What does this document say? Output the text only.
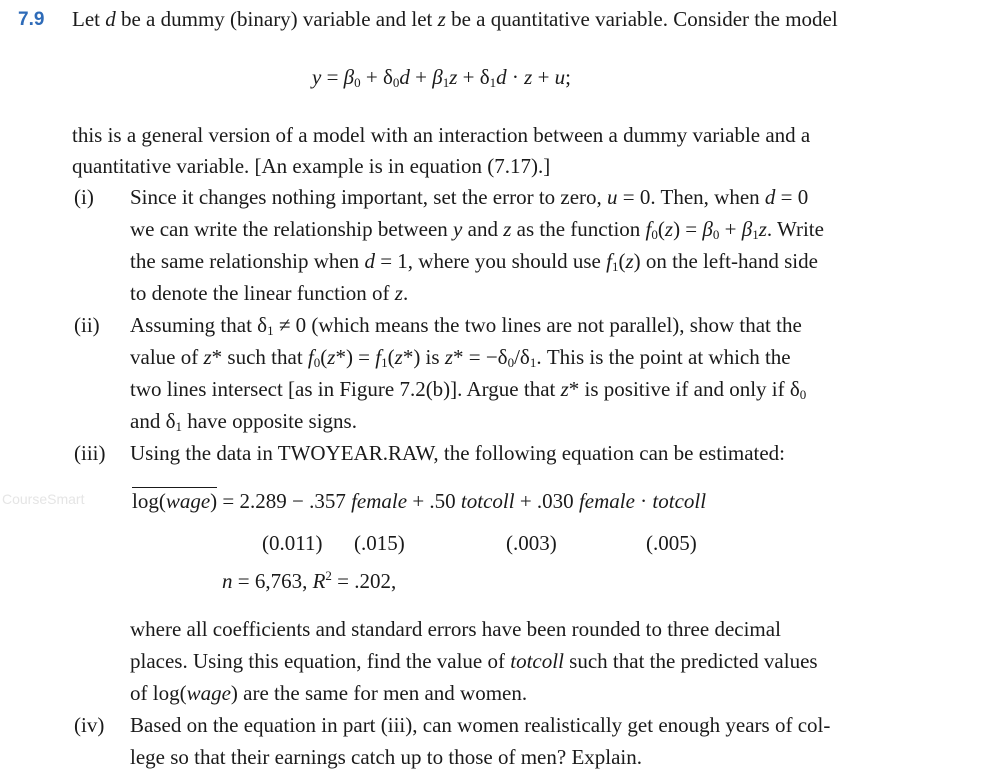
7.9 Let d be a dummy (binary) variable and let z be a quantitative variable. Consider the model
$y = \beta_0 + \delta_0d + \beta_1z + \delta_1d \cdot z + u$;
this is a general version of a model with an interaction between a dummy variable and a
quantitative variable. [An example is in equation (7.17).]
(i) Since it changes nothing important, set the error to zero, u = 0. Then, when d = 0
we can write the relationship between y and z as the function $f_0(z) = \beta_0 + \beta_1z$. Write
the same relationship when d = 1, where you should use $f_1(z)$ on the left-hand side
to denote the linear function of z.
(ii) Assuming that $\delta_1 \ne 0$ (which means the two lines are not parallel), show that the
value of z* such that $f_0(z*) = f_1(z*)$ is $z* = -\delta_0/\delta_1$. This is the point at which the
two lines intersect [as in Figure 7.2(b)]. Argue that z* is positive if and only if $\delta_0$
and $\delta_1$ have opposite signs.
(iii) Using the data in TWOYEAR.RAW, the following equation can be estimated:
CourseSmart log(wage) = 2.289 − .357 female + .50 totcoll + .030 female · totcoll
(0.011) (.015)	(.003)	(.005)
n = 6,763, $R^2 = .202$,
where all coefficients and standard errors have been rounded to three decimal
places. Using this equation, find the value of totcoll such that the predicted values
of log(wage) are the same for men and women.
(iv) Based on the equation in part (iii), can women realistically get enough years of col-
lege so that their earnings catch up to those of men? Explain.
